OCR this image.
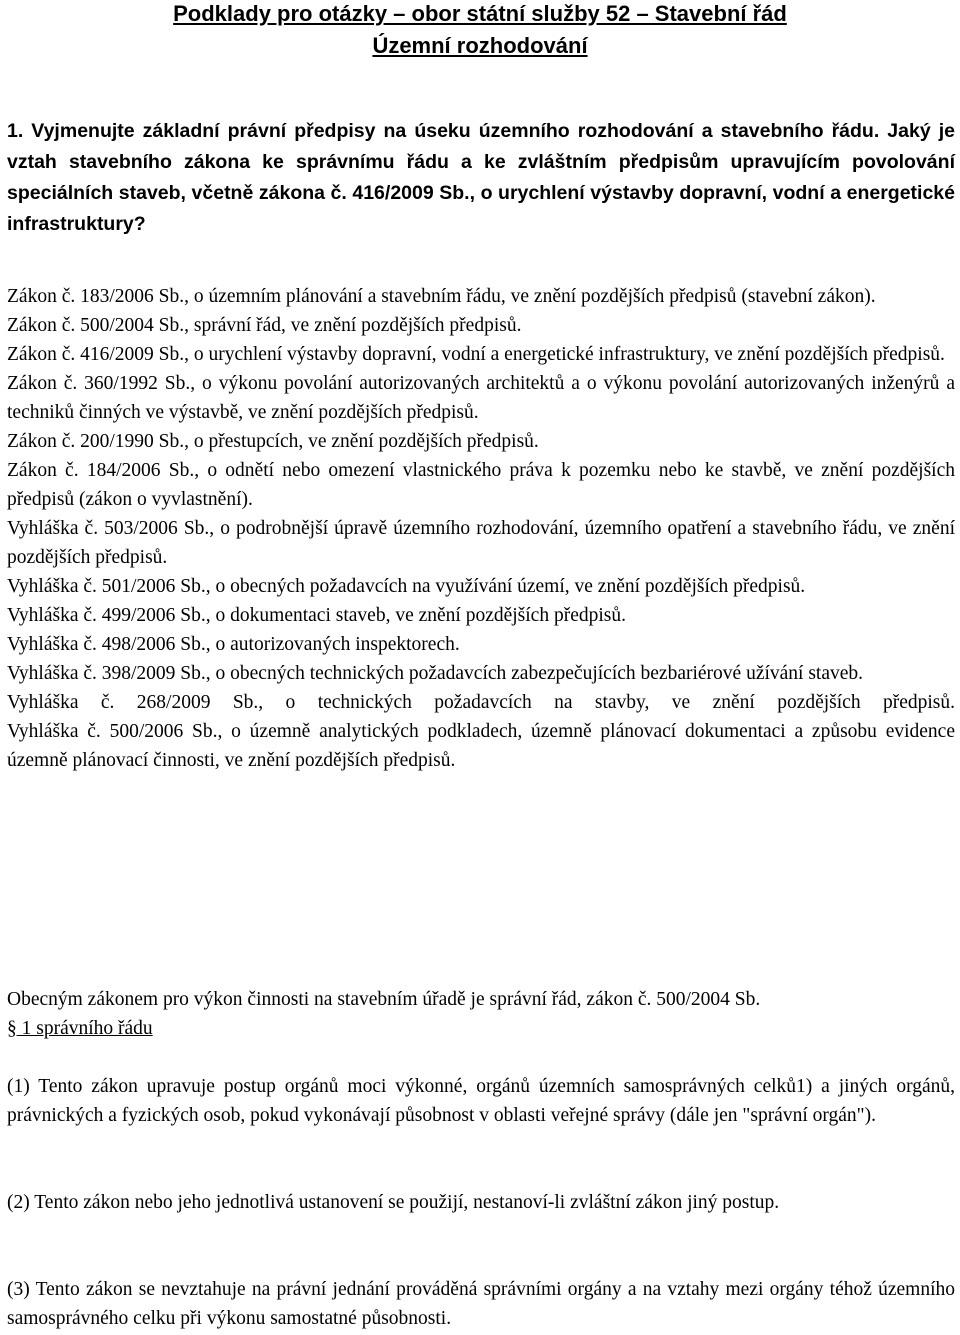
Podklady pro otázky – obor státní služby 52 – Stavební řád
Územní rozhodování

1. Vyjmenujte základní právní předpisy na úseku územního rozhodování a stavebního řádu. Jaký je vztah stavebního zákona ke správnímu řádu a ke zvláštním předpisům upravujícím povolování speciálních staveb, včetně zákona č. 416/2009 Sb., o urychlení výstavby dopravní, vodní a energetické infrastruktury?

Zákon č. 183/2006 Sb., o územním plánování a stavebním řádu, ve znění pozdějších předpisů (stavební zákon).

Zákon č. 500/2004 Sb., správní řád, ve znění pozdějších předpisů.

Zákon č. 416/2009 Sb., o urychlení výstavby dopravní, vodní a energetické infrastruktury, ve znění pozdějších předpisů.

Zákon č. 360/1992 Sb., o výkonu povolání autorizovaných architektů a o výkonu povolání autorizovaných inženýrů a techniků činných ve výstavbě, ve znění pozdějších předpisů.

Zákon č. 200/1990 Sb., o přestupcích, ve znění pozdějších předpisů.

Zákon č. 184/2006 Sb., o odnětí nebo omezení vlastnického práva k pozemku nebo ke stavbě, ve znění pozdějších předpisů (zákon o vyvlastnění).

Vyhláška č. 503/2006 Sb., o podrobnější úpravě územního rozhodování, územního opatření a stavebního řádu, ve znění pozdějších předpisů.

Vyhláška č. 501/2006 Sb., o obecných požadavcích na využívání území, ve znění pozdějších předpisů.

Vyhláška č. 499/2006 Sb., o dokumentaci staveb, ve znění pozdějších předpisů.

Vyhláška č. 498/2006 Sb., o autorizovaných inspektorech.

Vyhláška č. 398/2009 Sb., o obecných technických požadavcích zabezpečujících bezbariérové užívání staveb.

Vyhláška č. 268/2009 Sb., o technických požadavcích na stavby, ve znění pozdějších předpisů.

Vyhláška č. 500/2006 Sb., o územně analytických podkladech, územně plánovací dokumentaci a způsobu evidence územně plánovací činnosti, ve znění pozdějších předpisů.

Obecným zákonem pro výkon činnosti na stavebním úřadě je správní řád, zákon č. 500/2004 Sb.

§ 1 správního řádu

(1) Tento zákon upravuje postup orgánů moci výkonné, orgánů územních samosprávných celků1) a jiných orgánů, právnických a fyzických osob, pokud vykonávají působnost v oblasti veřejné správy (dále jen "správní orgán").

(2) Tento zákon nebo jeho jednotlivá ustanovení se použijí, nestanoví-li zvláštní zákon jiný postup.

(3) Tento zákon se nevztahuje na právní jednání prováděná správními orgány a na vztahy mezi orgány téhož územního samosprávného celku při výkonu samostatné působnosti.
